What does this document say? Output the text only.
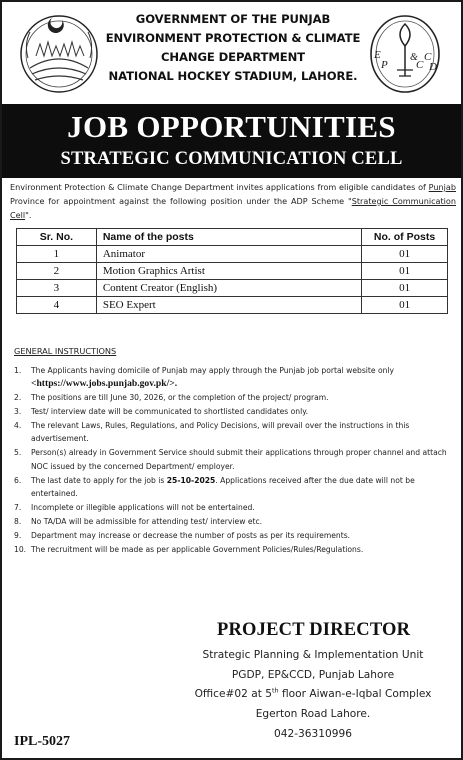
GOVERNMENT OF THE PUNJAB
ENVIRONMENT PROTECTION & CLIMATE
CHANGE DEPARTMENT
NATIONAL HOCKEY STADIUM, LAHORE.
E
P
&
C
C
D
JOB OPPORTUNITIES
STRATEGIC COMMUNICATION CELL

Environment Protection & Climate Change Department invites applications from eligible candidates of Punjab Province for appointment against the following position under the ADP Scheme "Strategic Communication Cell".

Sr. No.	Name of the posts	No. of Posts
1	Animator	01
2	Motion Graphics Artist	01
3	Content Creator (English)	01
4	SEO Expert	01
GENERAL INSTRUCTIONS
1.	The Applicants having domicile of Punjab may apply through the Punjab job portal website only
<https://www.jobs.punjab.gov.pk/>.
2.	The positions are till June 30, 2026, or the completion of the project/ program.
3.	Test/ interview date will be communicated to shortlisted candidates only.
4.	The relevant Laws, Rules, Regulations, and Policy Decisions, will prevail over the instructions in this advertisement.
5.	Person(s) already in Government Service should submit their applications through proper channel and attach NOC issued by the concerned Department/ employer.
6.	The last date to apply for the job is 25-10-2025. Applications received after the due date will not be entertained.
7.	Incomplete or illegible applications will not be entertained.
8.	No TA/DA will be admissible for attending test/ interview etc.
9.	Department may increase or decrease the number of posts as per its requirements.
10. The recruitment will be made as per applicable Government Policies/Rules/Regulations.
PROJECT DIRECTOR
Strategic Planning & Implementation Unit
PGDP, EP&CCD, Punjab Lahore
Office#02 at 5th floor Aiwan-e-Iqbal Complex
Egerton Road Lahore.
042-36310996
IPL-5027
